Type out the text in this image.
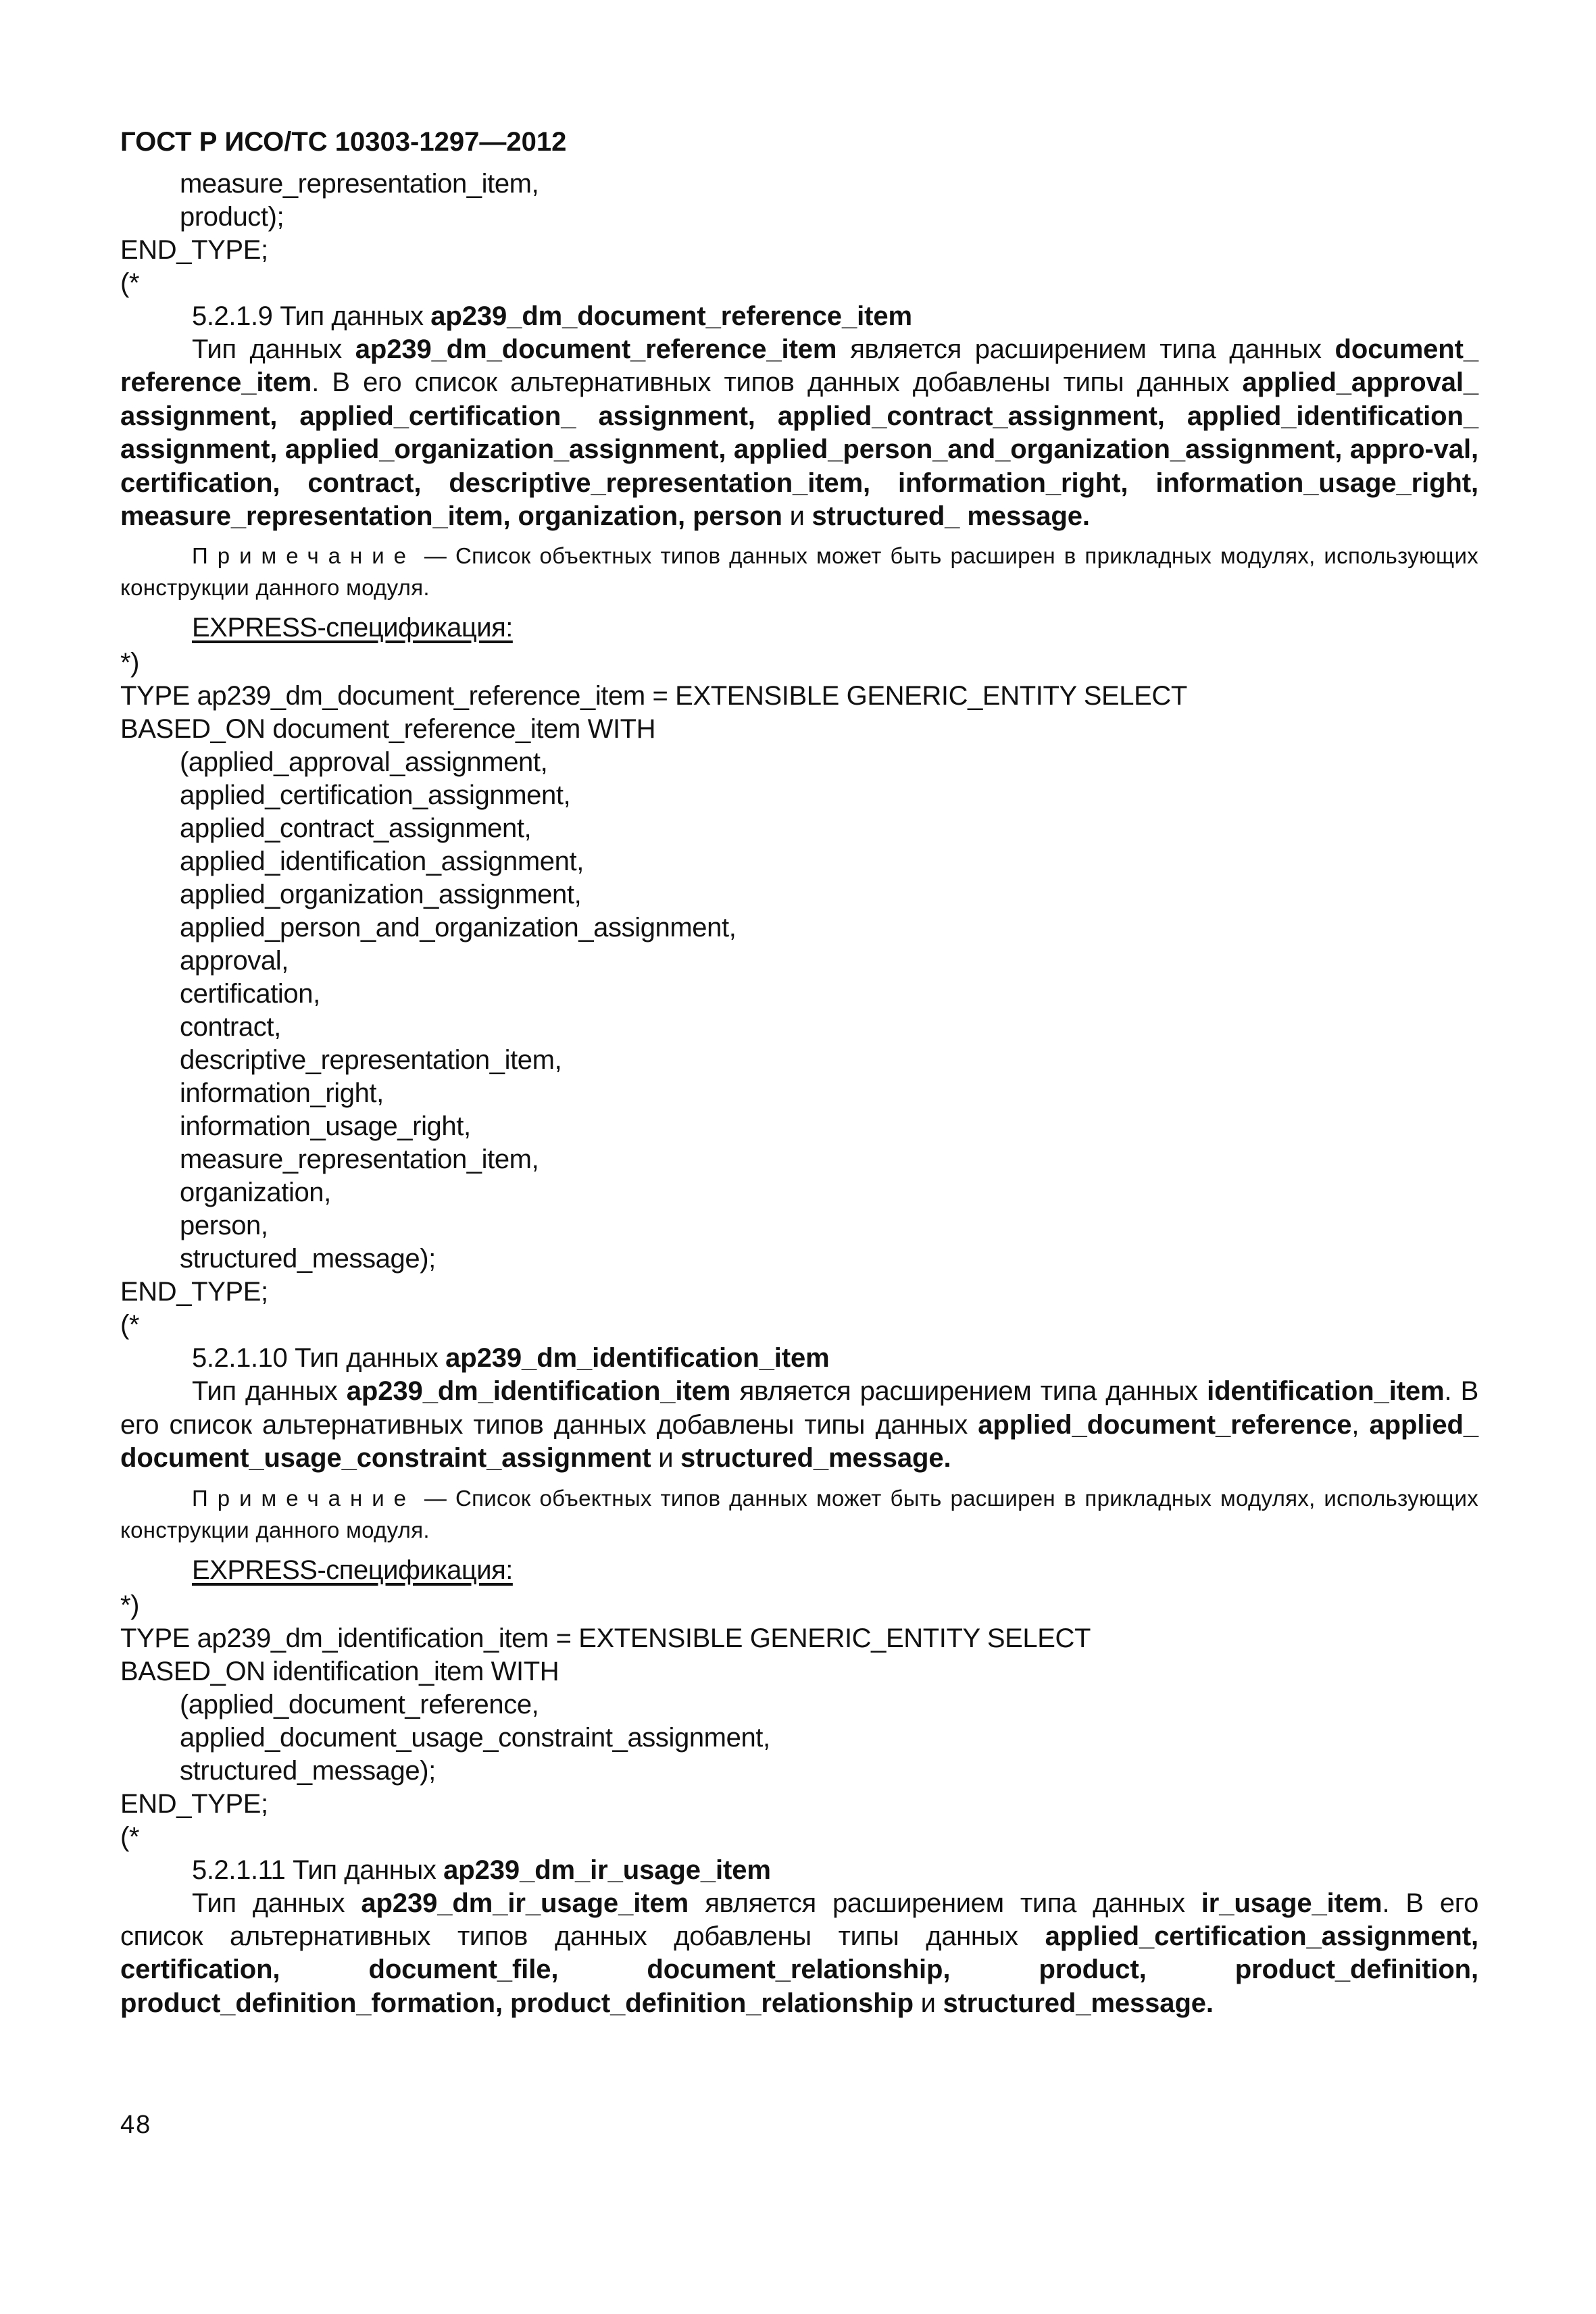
ГОСТ Р ИСО/ТС 10303-1297—2012
measure_representation_item,
product);
END_TYPE;
(*
5.2.1.9 Тип данных ap239_dm_document_reference_item

Тип данных ap239_dm_document_reference_item является расширением типа данных document_ reference_item. В его список альтернативных типов данных добавлены типы данных applied_approval_ assignment, applied_certification_ assignment, applied_contract_assignment, applied_identification_ assignment, applied_organization_assignment, applied_person_and_organization_assignment, appro-val, certification, contract, descriptive_representation_item, information_right, information_usage_right, measure_representation_item, organization, person и structured_ message.

Примечание — Список объектных типов данных может быть расширен в прикладных модулях, использующих конструкции данного модуля.

EXPRESS-спецификация:
*)
TYPE ap239_dm_document_reference_item = EXTENSIBLE GENERIC_ENTITY SELECT
BASED_ON document_reference_item WITH
(applied_approval_assignment,
applied_certification_assignment,
applied_contract_assignment,
applied_identification_assignment,
applied_organization_assignment,
applied_person_and_organization_assignment,
approval,
certification,
contract,
descriptive_representation_item,
information_right,
information_usage_right,
measure_representation_item,
organization,
person,
structured_message);
END_TYPE;
(*
5.2.1.10 Тип данных ap239_dm_identification_item

Тип данных ap239_dm_identification_item является расширением типа данных identification_item. В его список альтернативных типов данных добавлены типы данных applied_document_reference, applied_ document_usage_constraint_assignment и structured_message.

Примечание — Список объектных типов данных может быть расширен в прикладных модулях, использующих конструкции данного модуля.

EXPRESS-спецификация:
*)
TYPE ap239_dm_identification_item = EXTENSIBLE GENERIC_ENTITY SELECT
BASED_ON identification_item WITH
(applied_document_reference,
applied_document_usage_constraint_assignment,
structured_message);
END_TYPE;
(*
5.2.1.11 Тип данных ap239_dm_ir_usage_item

Тип данных ap239_dm_ir_usage_item является расширением типа данных ir_usage_item. В его список альтернативных типов данных добавлены типы данных applied_certification_assignment, certification, document_file, document_relationship, product, product_definition, product_definition_formation, product_definition_relationship и structured_message.

48
